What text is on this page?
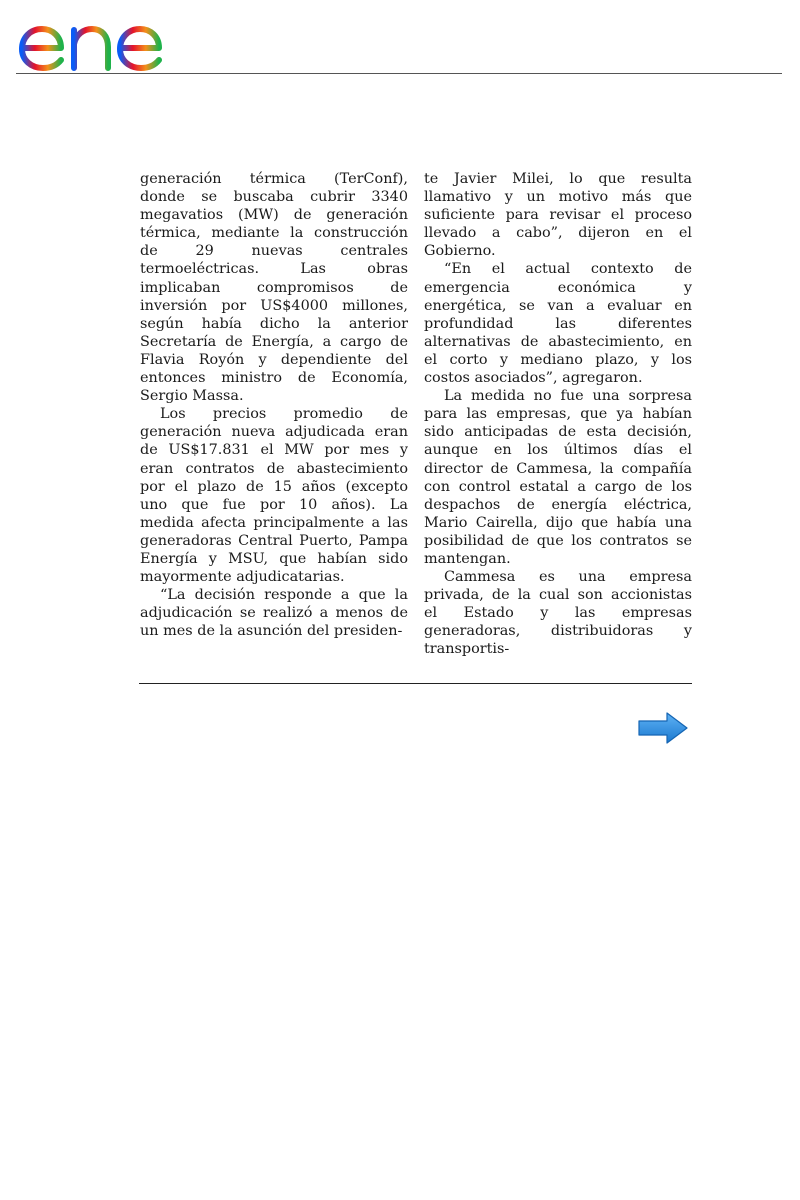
generación térmica (TerConf), donde se buscaba cubrir 3340 megavatios (MW) de generación térmica, mediante la construcción de 29 nuevas centrales termoeléctricas. Las obras implicaban compromisos de inversión por US$4000 millones, según había dicho la anterior Secretaría de Energía, a cargo de Flavia Royón y dependiente del entonces ministro de Economía, Sergio Massa.

Los precios promedio de generación nueva adjudicada eran de US$17.831 el MW por mes y eran contratos de abastecimiento por el plazo de 15 años (excepto uno que fue por 10 años). La medida afecta principalmente a las generadoras Central Puerto, Pampa Energía y MSU, que habían sido mayormente adjudicatarias.

“La decisión responde a que la adjudicación se realizó a menos de un mes de la asunción del presiden-

te Javier Milei, lo que resulta llamativo y un motivo más que suficiente para revisar el proceso llevado a cabo”, dijeron en el Gobierno.

“En el actual contexto de emergencia económica y energética, se van a evaluar en profundidad las diferentes alternativas de abastecimiento, en el corto y mediano plazo, y los costos asociados”, agregaron.

La medida no fue una sorpresa para las empresas, que ya habían sido anticipadas de esta decisión, aunque en los últimos días el director de Cammesa, la compañía con control estatal a cargo de los despachos de energía eléctrica, Mario Cairella, dijo que había una posibilidad de que los contratos se mantengan.

Cammesa es una empresa privada, de la cual son accionistas el Estado y las empresas generadoras, distribuidoras y transportis-
